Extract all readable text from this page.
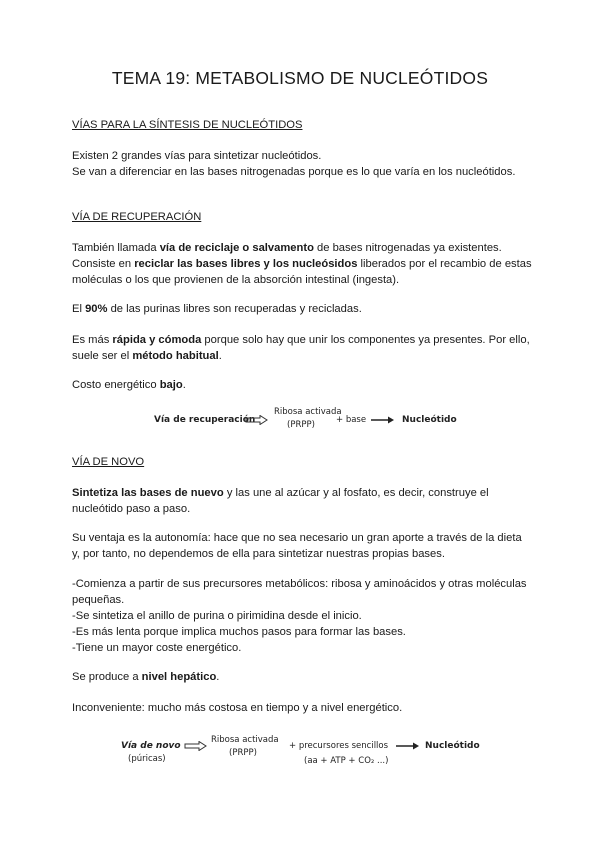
TEMA 19: METABOLISMO DE NUCLEÓTIDOS
VÍAS PARA LA SÍNTESIS DE NUCLEÓTIDOS

Existen 2 grandes vías para sintetizar nucleótidos.
Se van a diferenciar en las bases nitrogenadas porque es lo que varía en los nucleótidos.

VÍA DE RECUPERACIÓN

También llamada vía de reciclaje o salvamento de bases nitrogenadas ya existentes. Consiste en reciclar las bases libres y los nucleósidos liberados por el recambio de estas moléculas o los que provienen de la absorción intestinal (ingesta).

El 90% de las purinas libres son recuperadas y recicladas.

Es más rápida y cómoda porque solo hay que unir los componentes ya presentes. Por ello, suele ser el método habitual.

Costo energético bajo.

Vía de recuperación
Ribosa activada
(PRPP) + base	Nucleótido
VÍA DE NOVO

Sintetiza las bases de nuevo y las une al azúcar y al fosfato, es decir, construye el nucleótido paso a paso.

Su ventaja es la autonomía: hace que no sea necesario un gran aporte a través de la dieta y, por tanto, no dependemos de ella para sintetizar nuestras propias bases.

-Comienza a partir de sus precursores metabólicos: ribosa y aminoácidos y otras moléculas pequeñas.
-Se sintetiza el anillo de purina o pirimidina desde el inicio.
-Es más lenta porque implica muchos pasos para formar las bases.
-Tiene un mayor coste energético.

Se produce a nivel hepático.

Inconveniente: mucho más costosa en tiempo y a nivel energético.

Vía de novo
(púricas)
Ribosa activada
(PRPP)
+ precursores sencillos
(aa + ATP + CO₂ ...)
Nucleótido
